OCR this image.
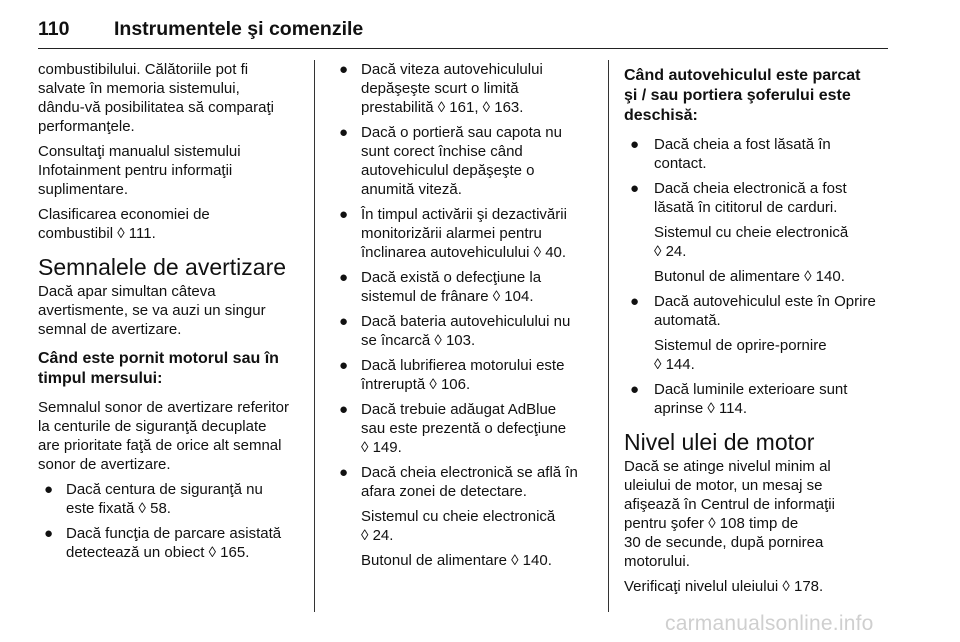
110 Instrumentele şi comenzile
combustibilului. Călătoriile pot fi
salvate în memoria sistemului,
dându-vă posibilitatea să comparaţi
performanţele.
Consultaţi manualul sistemului
Infotainment pentru informaţii
suplimentare.
Clasificarea economiei de
combustibil ◊ 111.
Semnalele de avertizare
Dacă apar simultan câteva
avertismente, se va auzi un singur
semnal de avertizare.
Când este pornit motorul sau în
timpul mersului:
Semnalul sonor de avertizare referitor
la centurile de siguranţă decuplate
are prioritate faţă de orice alt semnal
sonor de avertizare.
● Dacă centura de siguranţă nu
este fixată ◊ 58.
● Dacă funcţia de parcare asistată
detectează un obiect ◊ 165.
● Dacă viteza autovehiculului
depăşeşte scurt o limită
prestabilită ◊ 161, ◊ 163.
● Dacă o portieră sau capota nu
sunt corect închise când
autovehiculul depăşeşte o
anumită viteză.
● În timpul activării şi dezactivării
monitorizării alarmei pentru
înclinarea autovehiculului ◊ 40.
● Dacă există o defecţiune la
sistemul de frânare ◊ 104.
● Dacă bateria autovehiculului nu
se încarcă ◊ 103.
● Dacă lubrifierea motorului este
întreruptă ◊ 106.
● Dacă trebuie adăugat AdBlue
sau este prezentă o defecţiune
◊ 149.
● Dacă cheia electronică se află în
afara zonei de detectare.
Sistemul cu cheie electronică
◊ 24.
Butonul de alimentare ◊ 140.
Când autovehiculul este parcat
şi / sau portiera şoferului este
deschisă:
● Dacă cheia a fost lăsată în
contact.
● Dacă cheia electronică a fost
lăsată în cititorul de carduri.
Sistemul cu cheie electronică
◊ 24.
Butonul de alimentare ◊ 140.
● Dacă autovehiculul este în Oprire
automată.
Sistemul de oprire-pornire
◊ 144.
● Dacă luminile exterioare sunt
aprinse ◊ 114.
Nivel ulei de motor
Dacă se atinge nivelul minim al
uleiului de motor, un mesaj se
afişează în Centrul de informaţii
pentru şofer ◊ 108 timp de
30 de secunde, după pornirea
motorului.
Verificaţi nivelul uleiului ◊ 178.
carmanualsonline.info
